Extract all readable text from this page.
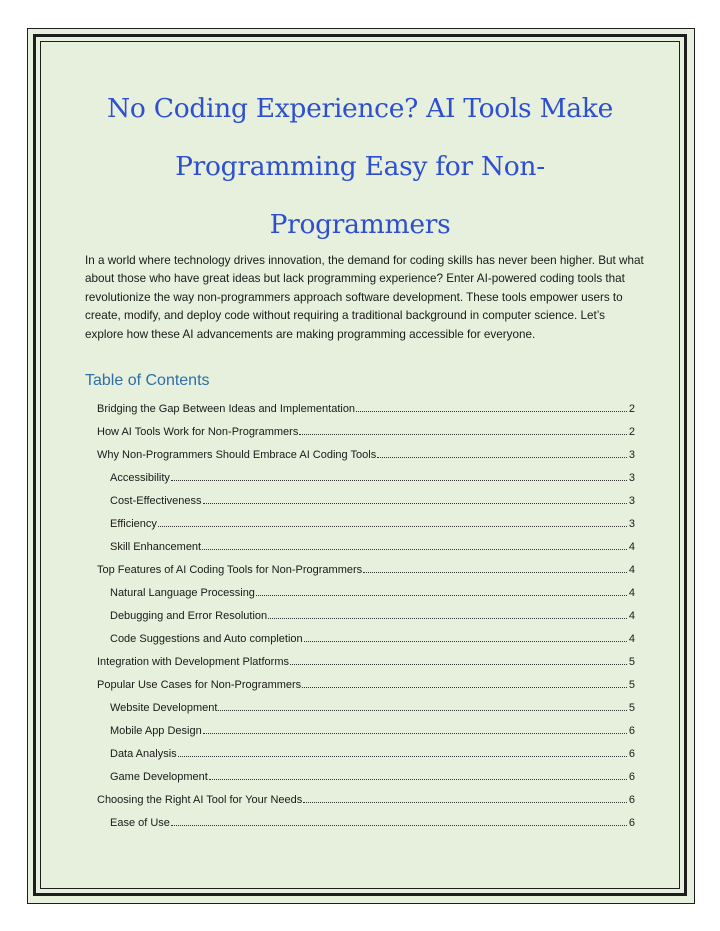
No Coding Experience? AI Tools Make
Programming Easy for Non-
Programmers
In a world where technology drives innovation, the demand for coding skills has never been higher. But what about those who have great ideas but lack programming experience? Enter AI-powered coding tools that revolutionize the way non-programmers approach software development. These tools empower users to create, modify, and deploy code without requiring a traditional background in computer science. Let’s explore how these AI advancements are making programming accessible for everyone.
Table of Contents
Bridging the Gap Between Ideas and Implementation	2
How AI Tools Work for Non-Programmers	2
Why Non-Programmers Should Embrace AI Coding Tools	3
Accessibility	3
Cost-Effectiveness	3
Efficiency	3
Skill Enhancement	4
Top Features of AI Coding Tools for Non-Programmers	4
Natural Language Processing	4
Debugging and Error Resolution	4
Code Suggestions and Auto completion	4
Integration with Development Platforms	5
Popular Use Cases for Non-Programmers	5
Website Development	5
Mobile App Design	6
Data Analysis	6
Game Development	6
Choosing the Right AI Tool for Your Needs	6
Ease of Use	6
